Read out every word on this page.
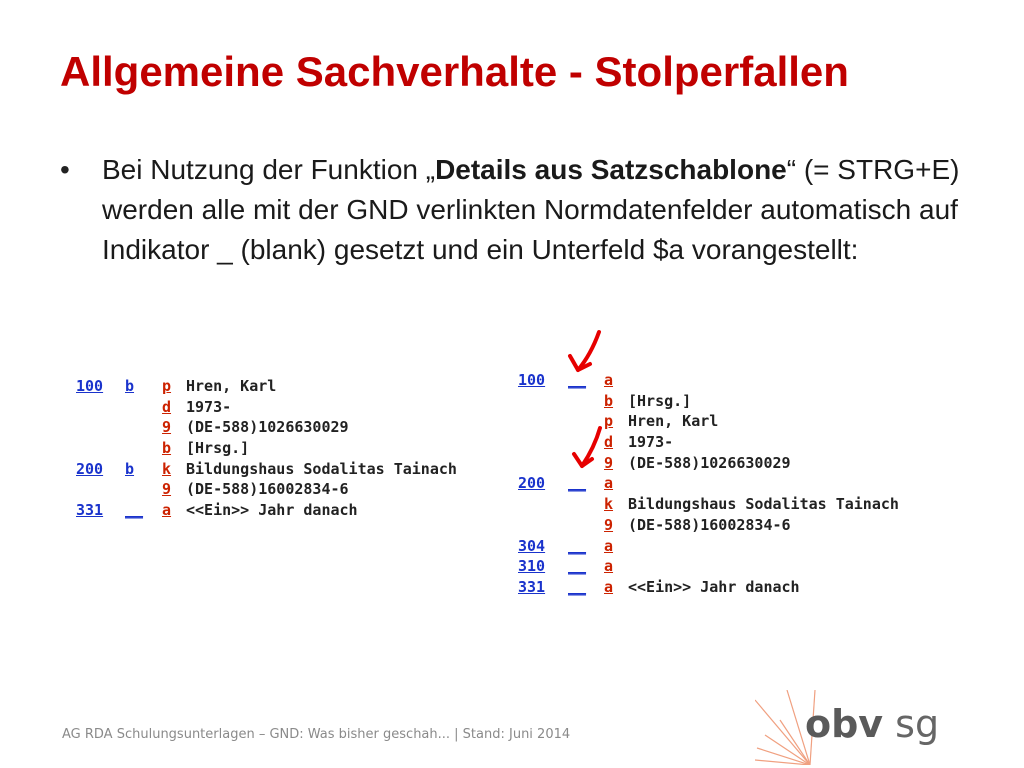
Allgemeine Sachverhalte - Stolperfallen
• Bei Nutzung der Funktion „Details aus Satzschablone“ (= STRG+E) werden alle mit der GND verlinkten Normdatenfelder automatisch auf Indikator _ (blank) gesetzt und ein Unterfeld $a vorangestellt:

100 b p Hren, Karl
d 1973-
9 (DE-588)1026630029
b [Hrsg.]
200 b k Bildungshaus Sodalitas Tainach
9 (DE-588)16002834-6
331 __ a <<Ein>> Jahr danach
100 __ a
b [Hrsg.]
p Hren, Karl
d 1973-
9 (DE-588)1026630029
200 __ a
k Bildungshaus Sodalitas Tainach
9 (DE-588)16002834-6
304 __ a
310 __ a
331 __ a <<Ein>> Jahr danach

AG RDA Schulungsunterlagen – GND: Was bisher geschah... | Stand: Juni 2014	obv sg
